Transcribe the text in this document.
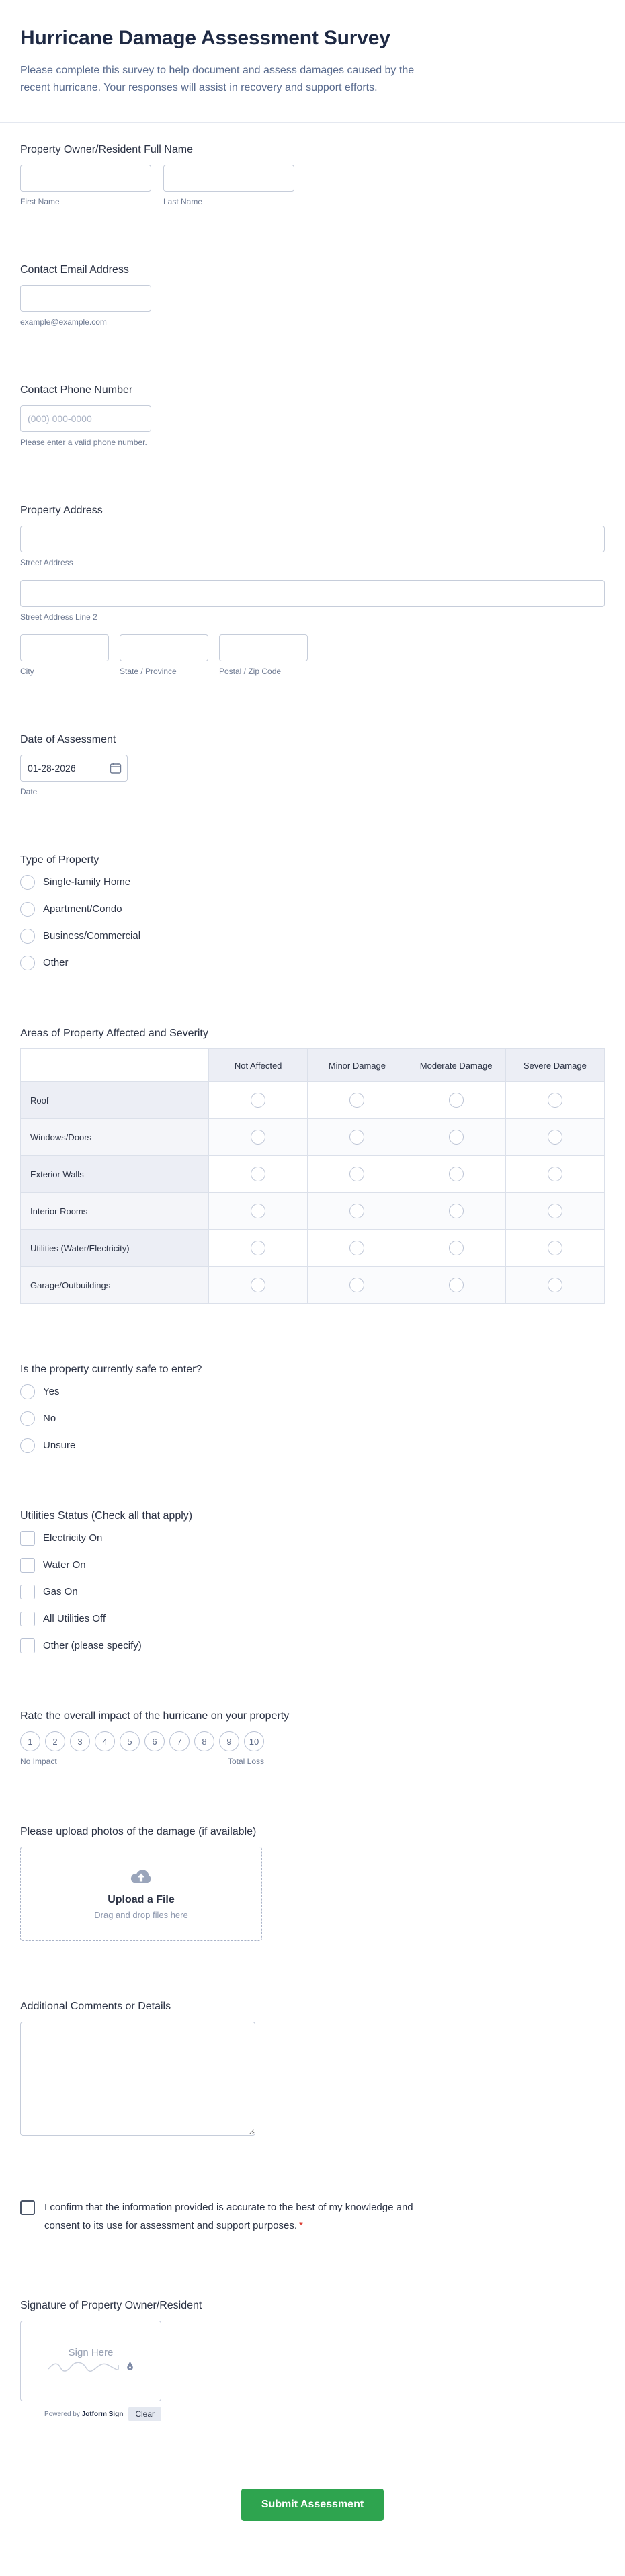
Hurricane Damage Assessment Survey

Please complete this survey to help document and assess damages caused by the recent hurricane. Your responses will assist in recovery and support efforts.

Property Owner/Resident Full Name
First Name	Last Name
Contact Email Address
example@example.com
Contact Phone Number
(000) 000-0000
Please enter a valid phone number.
Property Address
Street Address
Street Address Line 2
City	State / Province	Postal / Zip Code
Date of Assessment
01-28-2026
Date
Type of Property
Single-family Home
Apartment/Condo
Business/Commercial
Other
Areas of Property Affected and Severity
	Not Affected	Minor Damage	Moderate Damage	Severe Damage
Roof				
Windows/Doors				
Exterior Walls				
Interior Rooms				
Utilities (Water/Electricity)				
Garage/Outbuildings				
Is the property currently safe to enter?
Yes
No
Unsure
Utilities Status (Check all that apply)
Electricity On
Water On
Gas On
All Utilities Off
Other (please specify)
Rate the overall impact of the hurricane on your property
1	2	3	4	5	6	7	8	9	10
No Impact	Total Loss
Please upload photos of the damage (if available)
Upload a File
Drag and drop files here
Additional Comments or Details
I confirm that the information provided is accurate to the best of my knowledge and consent to its use for assessment and support purposes. *
Signature of Property Owner/Resident
Sign Here
Powered by Jotform Sign	Clear
Submit Assessment
